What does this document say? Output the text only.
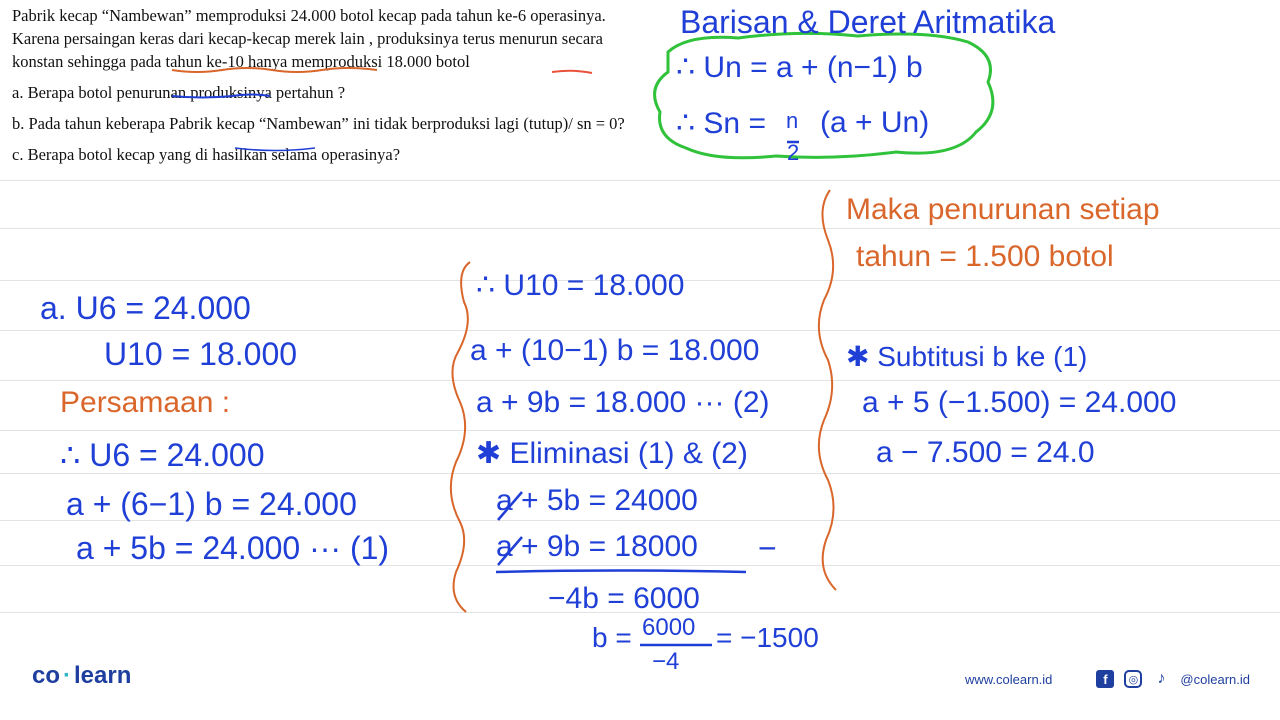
Pabrik kecap “Nambewan” memproduksi 24.000 botol kecap pada tahun ke-6 operasinya. Karena persaingan keras dari kecap-kecap merek lain , produksinya terus menurun secara konstan sehingga pada tahun ke-10 hanya memproduksi 18.000 botol

a. Berapa botol penurunan produksinya pertahun ?

b. Pada tahun keberapa Pabrik kecap “Nambewan” ini tidak berproduksi lagi (tutup)/ sn = 0?

c. Berapa botol kecap yang di hasilkan selama operasinya?

Barisan & Deret Aritmatika
∴ Un = a + (n−1) b
∴ Sn = n
2
(a + Un)
Maka penurunan setiap
tahun = 1.500 botol
a. U6 = 24.000
U10 = 18.000
Persamaan :
∴ U6 = 24.000
a + (6−1) b = 24.000
a + 5b = 24.000 ··· (1)
∴ U10 = 18.000
a + (10−1) b = 18.000
a + 9b = 18.000 ··· (2)
✱ Eliminasi (1) & (2)
a + 5b = 24000
a + 9b = 18000 −
−4b = 6000
b = 6000
−4
= −1500
✱ Subtitusi b ke (1)
a + 5 (−1.500) = 24.000
a − 7.500 = 24.0
co · learn	www.colearn.id	f	◎	♪	@colearn.id
